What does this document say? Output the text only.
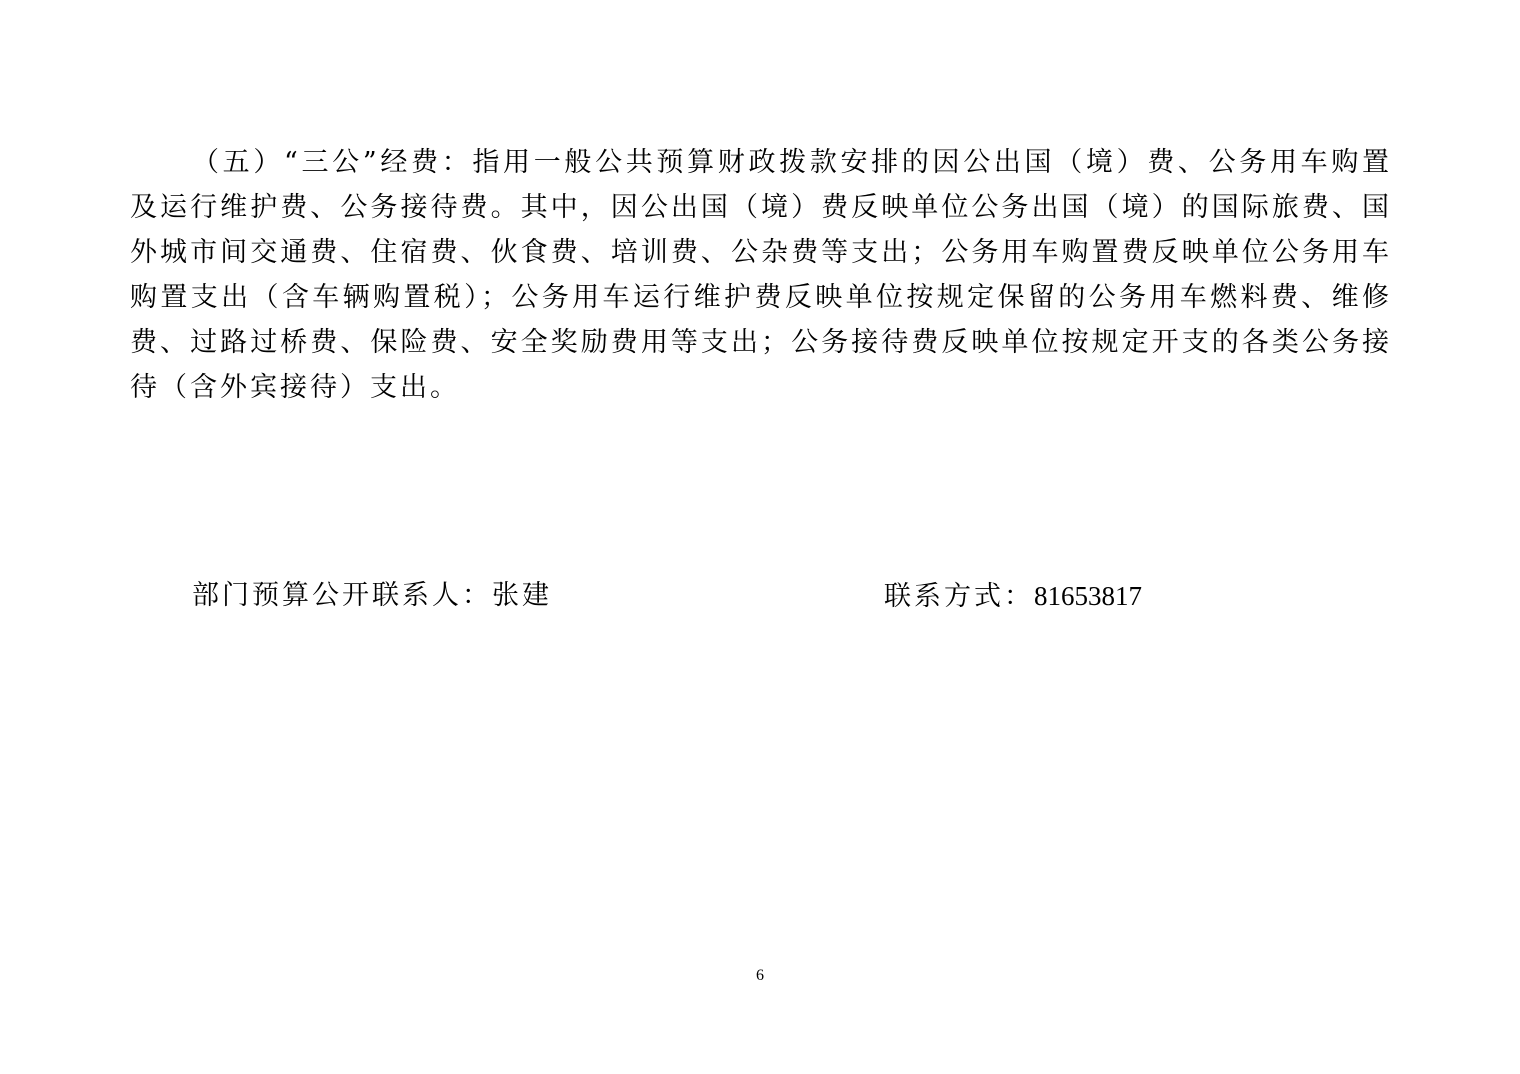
（五）“三公”经费：指用一般公共预算财政拨款安排的因公出国（境）费、公务用车购置及运行维护费、公务接待费。其中，因公出国（境）费反映单位公务出国（境）的国际旅费、国外城市间交通费、住宿费、伙食费、培训费、公杂费等支出；公务用车购置费反映单位公务用车购置支出（含车辆购置税）；公务用车运行维护费反映单位按规定保留的公务用车燃料费、维修费、过路过桥费、保险费、安全奖励费用等支出；公务接待费反映单位按规定开支的各类公务接待（含外宾接待）支出。

部门预算公开联系人：张建	联系方式：81653817
6
